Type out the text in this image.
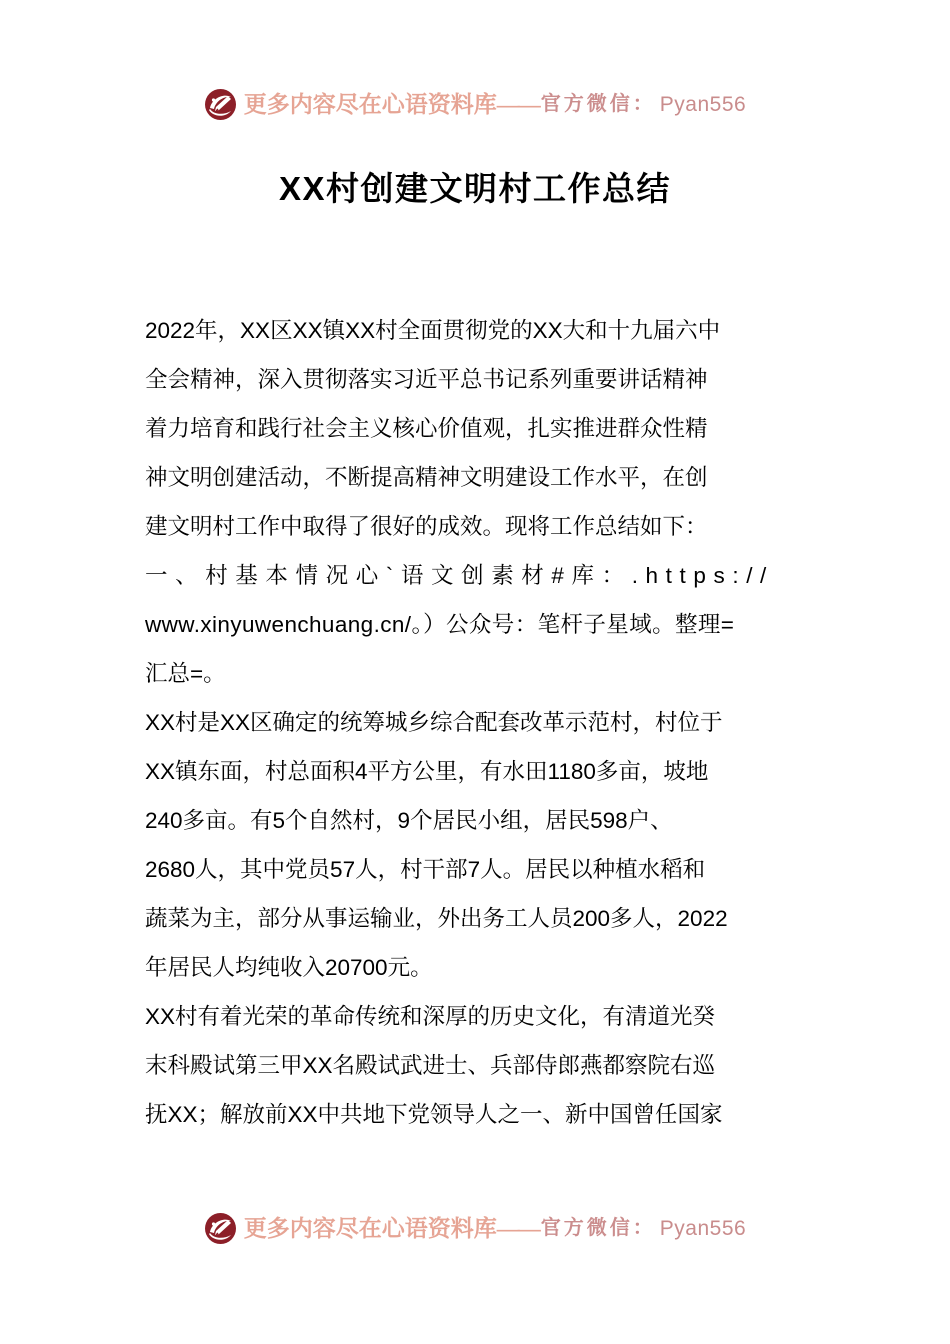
更多内容尽在心语资料库 —— 官方微信： Pyan556
XX村创建文明村工作总结
2022年，XX区XX镇XX村全面贯彻党的XX大和十九届六中
全会精神，深入贯彻落实习近平总书记系列重要讲话精神
着力培育和践行社会主义核心价值观，扎实推进群众性精
神文明创建活动，不断提高精神文明建设工作水平，在创
建文明村工作中取得了很好的成效。现将工作总结如下：
一、村基本情况心`语文创素材#库：.https://
www.xinyuwenchuang.cn/。）公众号：笔杆子星域。整理=
汇总=。
XX村是XX区确定的统筹城乡综合配套改革示范村，村位于
XX镇东面，村总面积4平方公里，有水田1180多亩，坡地
240多亩。有5个自然村，9个居民小组，居民598户、
2680人，其中党员57人，村干部7人。居民以种植水稻和
蔬菜为主，部分从事运输业，外出务工人员200多人，2022
年居民人均纯收入20700元。
XX村有着光荣的革命传统和深厚的历史文化，有清道光癸
末科殿试第三甲XX名殿试武进士、兵部侍郎燕都察院右巡
抚XX；解放前XX中共地下党领导人之一、新中国曾任国家
更多内容尽在心语资料库 —— 官方微信： Pyan556
